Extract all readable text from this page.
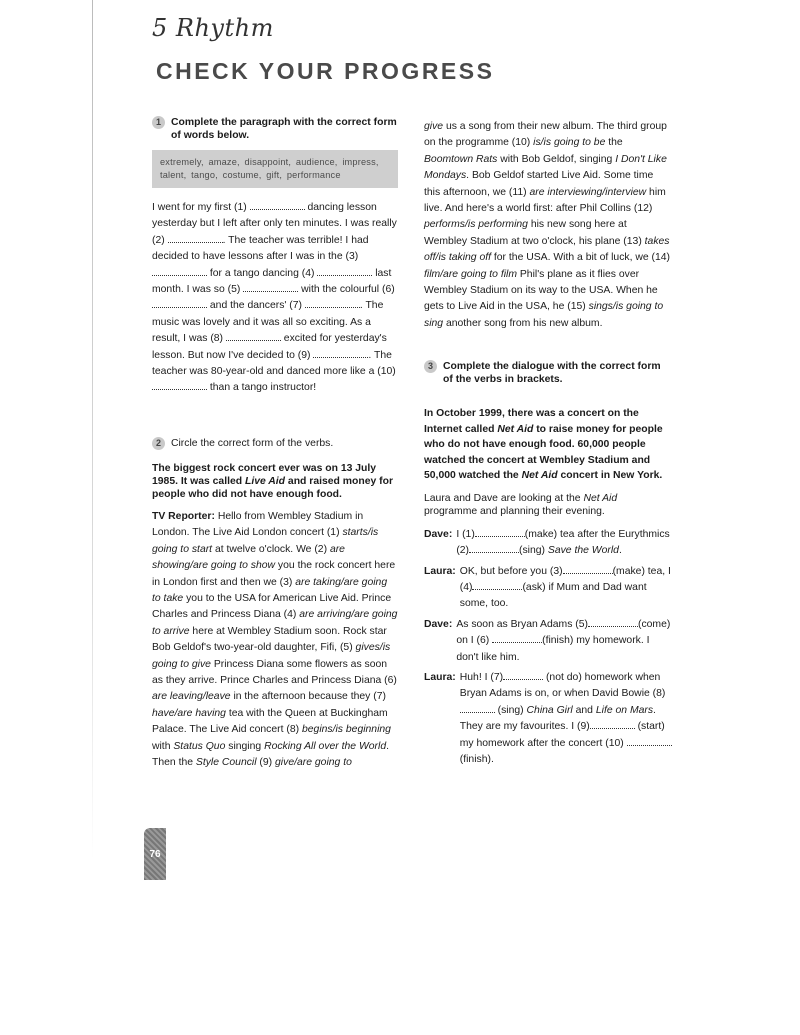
5 Rhythm
CHECK YOUR PROGRESS
1 Complete the paragraph with the correct form of words below.
extremely, amaze, disappoint, audience, impress, talent, tango, costume, gift, performance

I went for my first (1)	dancing lesson yesterday but I left after only ten minutes. I was really (2)	. The teacher was terrible! I had decided to have lessons after I was in the (3)  for a tango dancing (4)	last month. I was so (5)	with the colourful (6)  and the dancers' (7)	. The music was lovely and it was all so exciting. As a result, I was (8)	excited for yesterday's lesson. But now I've decided to (9)	. The teacher was 80-year-old and danced more like a (10)  than a tango instructor!

2 Circle the correct form of the verbs.

The biggest rock concert ever was on 13 July 1985. It was called Live Aid and raised money for people who did not have enough food.

TV Reporter: Hello from Wembley Stadium in London. The Live Aid London concert (1) starts/is going to start at twelve o'clock. We (2) are showing/are going to show you the rock concert here in London first and then we (3) are taking/are going to take you to the USA for American Live Aid. Prince Charles and Princess Diana (4) are arriving/are going to arrive here at Wembley Stadium soon. Rock star Bob Geldof's two-year-old daughter, Fifi, (5) gives/is going to give Princess Diana some flowers as soon as they arrive. Prince Charles and Princess Diana (6) are leaving/leave in the afternoon because they (7) have/are having tea with the Queen at Buckingham Palace. The Live Aid concert (8) begins/is beginning with Status Quo singing Rocking All over the World. Then the Style Council (9) give/are going to

give us a song from their new album. The third group on the programme (10) is/is going to be the Boomtown Rats with Bob Geldof, singing I Don't Like Mondays. Bob Geldof started Live Aid. Some time this afternoon, we (11) are interviewing/interview him live. And here's a world first: after Phil Collins (12) performs/is performing his new song here at Wembley Stadium at two o'clock, his plane (13) takes off/is taking off for the USA. With a bit of luck, we (14) film/are going to film Phil's plane as it flies over Wembley Stadium on its way to the USA. When he gets to Live Aid in the USA, he (15) sings/is going to sing another song from his new album.

3 Complete the dialogue with the correct form of the verbs in brackets.

In October 1999, there was a concert on the Internet called Net Aid to raise money for people who do not have enough food. 60,000 people watched the concert at Wembley Stadium and 50,000 watched the Net Aid concert in New York.

Laura and Dave are looking at the Net Aid programme and planning their evening.

Dave: I (1)	(make) tea after the Eurythmics (2)	(sing) Save the World.
Laura: OK, but before you (3)	(make) tea, I (4)	(ask) if Mum and Dad want some, too.
Dave: As soon as Bryan Adams (5)	(come) on I (6)	(finish) my homework. I don't like him.
Laura: Huh! I (7)	(not do) homework when Bryan Adams is on, or when David Bowie (8) (sing) China Girl and Life on Mars. They are my favourites. I (9)	(start) my homework after the concert (10)  (finish).
76
